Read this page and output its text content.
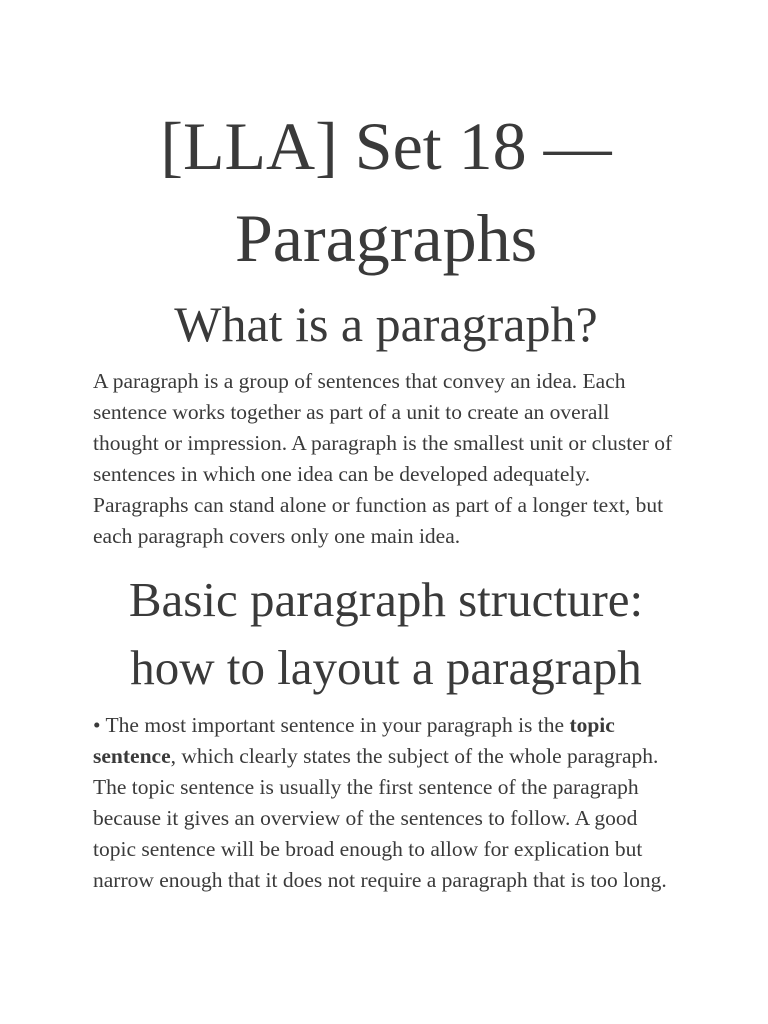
[LLA] Set 18 — Paragraphs
What is a paragraph?

A paragraph is a group of sentences that convey an idea. Each sentence works together as part of a unit to create an overall thought or impression. A paragraph is the smallest unit or cluster of sentences in which one idea can be developed adequately. Paragraphs can stand alone or function as part of a longer text, but each paragraph covers only one main idea.

Basic paragraph structure: how to layout a paragraph

• The most important sentence in your paragraph is the topic sentence, which clearly states the subject of the whole paragraph. The topic sentence is usually the first sentence of the paragraph because it gives an overview of the sentences to follow. A good topic sentence will be broad enough to allow for explication but narrow enough that it does not require a paragraph that is too long.
